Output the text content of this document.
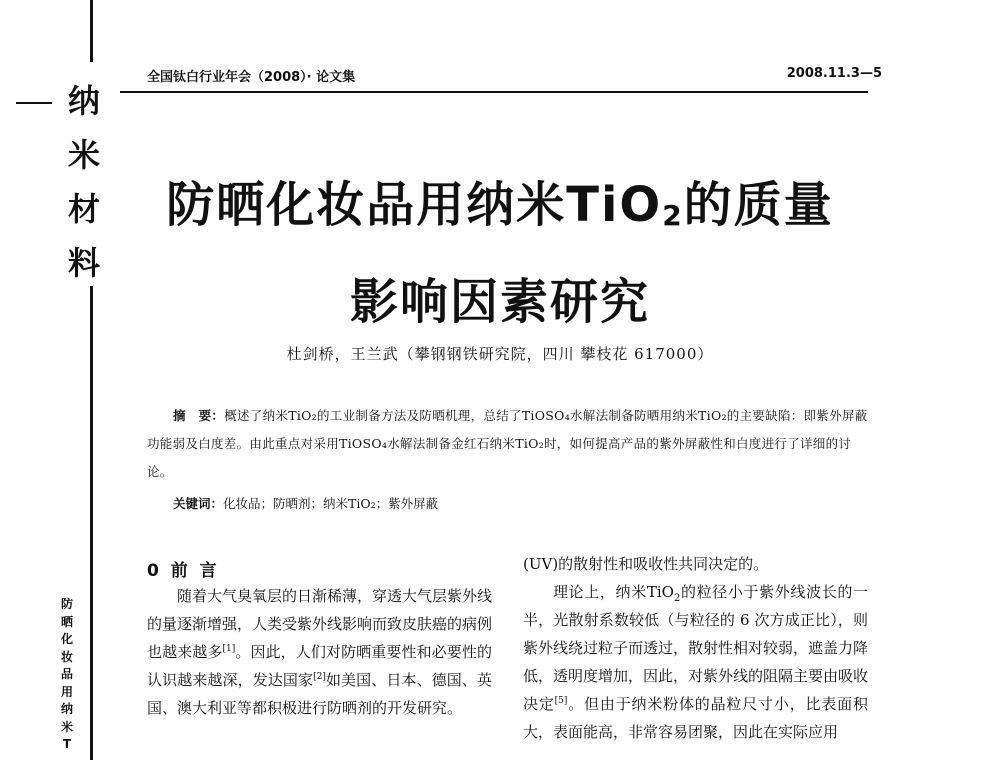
纳
米
材
料
防
晒
化
妆
品
用
纳
米
T
全国钛白行业年会（2008）· 论文集	2008.11.3—5
防晒化妆品用纳米TiO$_2$的质量
影响因素研究
杜剑桥，王兰武（攀钢钢铁研究院，四川 攀枝花 617000）
摘　要：概述了纳米TiO₂的工业制备方法及防晒机理，总结了TiOSO₄水解法制备防晒用纳米TiO₂的主要缺陷：即紫外屏蔽功能弱及白度差。由此重点对采用TiOSO₄水解法制备金红石纳米TiO₂时，如何提高产品的紫外屏蔽性和白度进行了详细的讨论。
关键词：化妆品；防晒剂；纳米TiO₂；紫外屏蔽
0 前 言
随着大气臭氧层的日渐稀薄，穿透大气层紫外线的量逐渐增强，人类受紫外线影响而致皮肤癌的病例也越来越多[1]。因此，人们对防晒重要性和必要性的认识越来越深，发达国家[2]如美国、日本、德国、英国、澳大利亚等都积极进行防晒剂的开发研究。
(UV)的散射性和吸收性共同决定的。
理论上，纳米TiO$_2$的粒径小于紫外线波长的一半，光散射系数较低（与粒径的 6 次方成正比），则紫外线绕过粒子而透过，散射性相对较弱，遮盖力降低，透明度增加，因此，对紫外线的阻隔主要由吸收决定[5]。但由于纳米粉体的晶粒尺寸小，比表面积大，表面能高，非常容易团聚，因此在实际应用
